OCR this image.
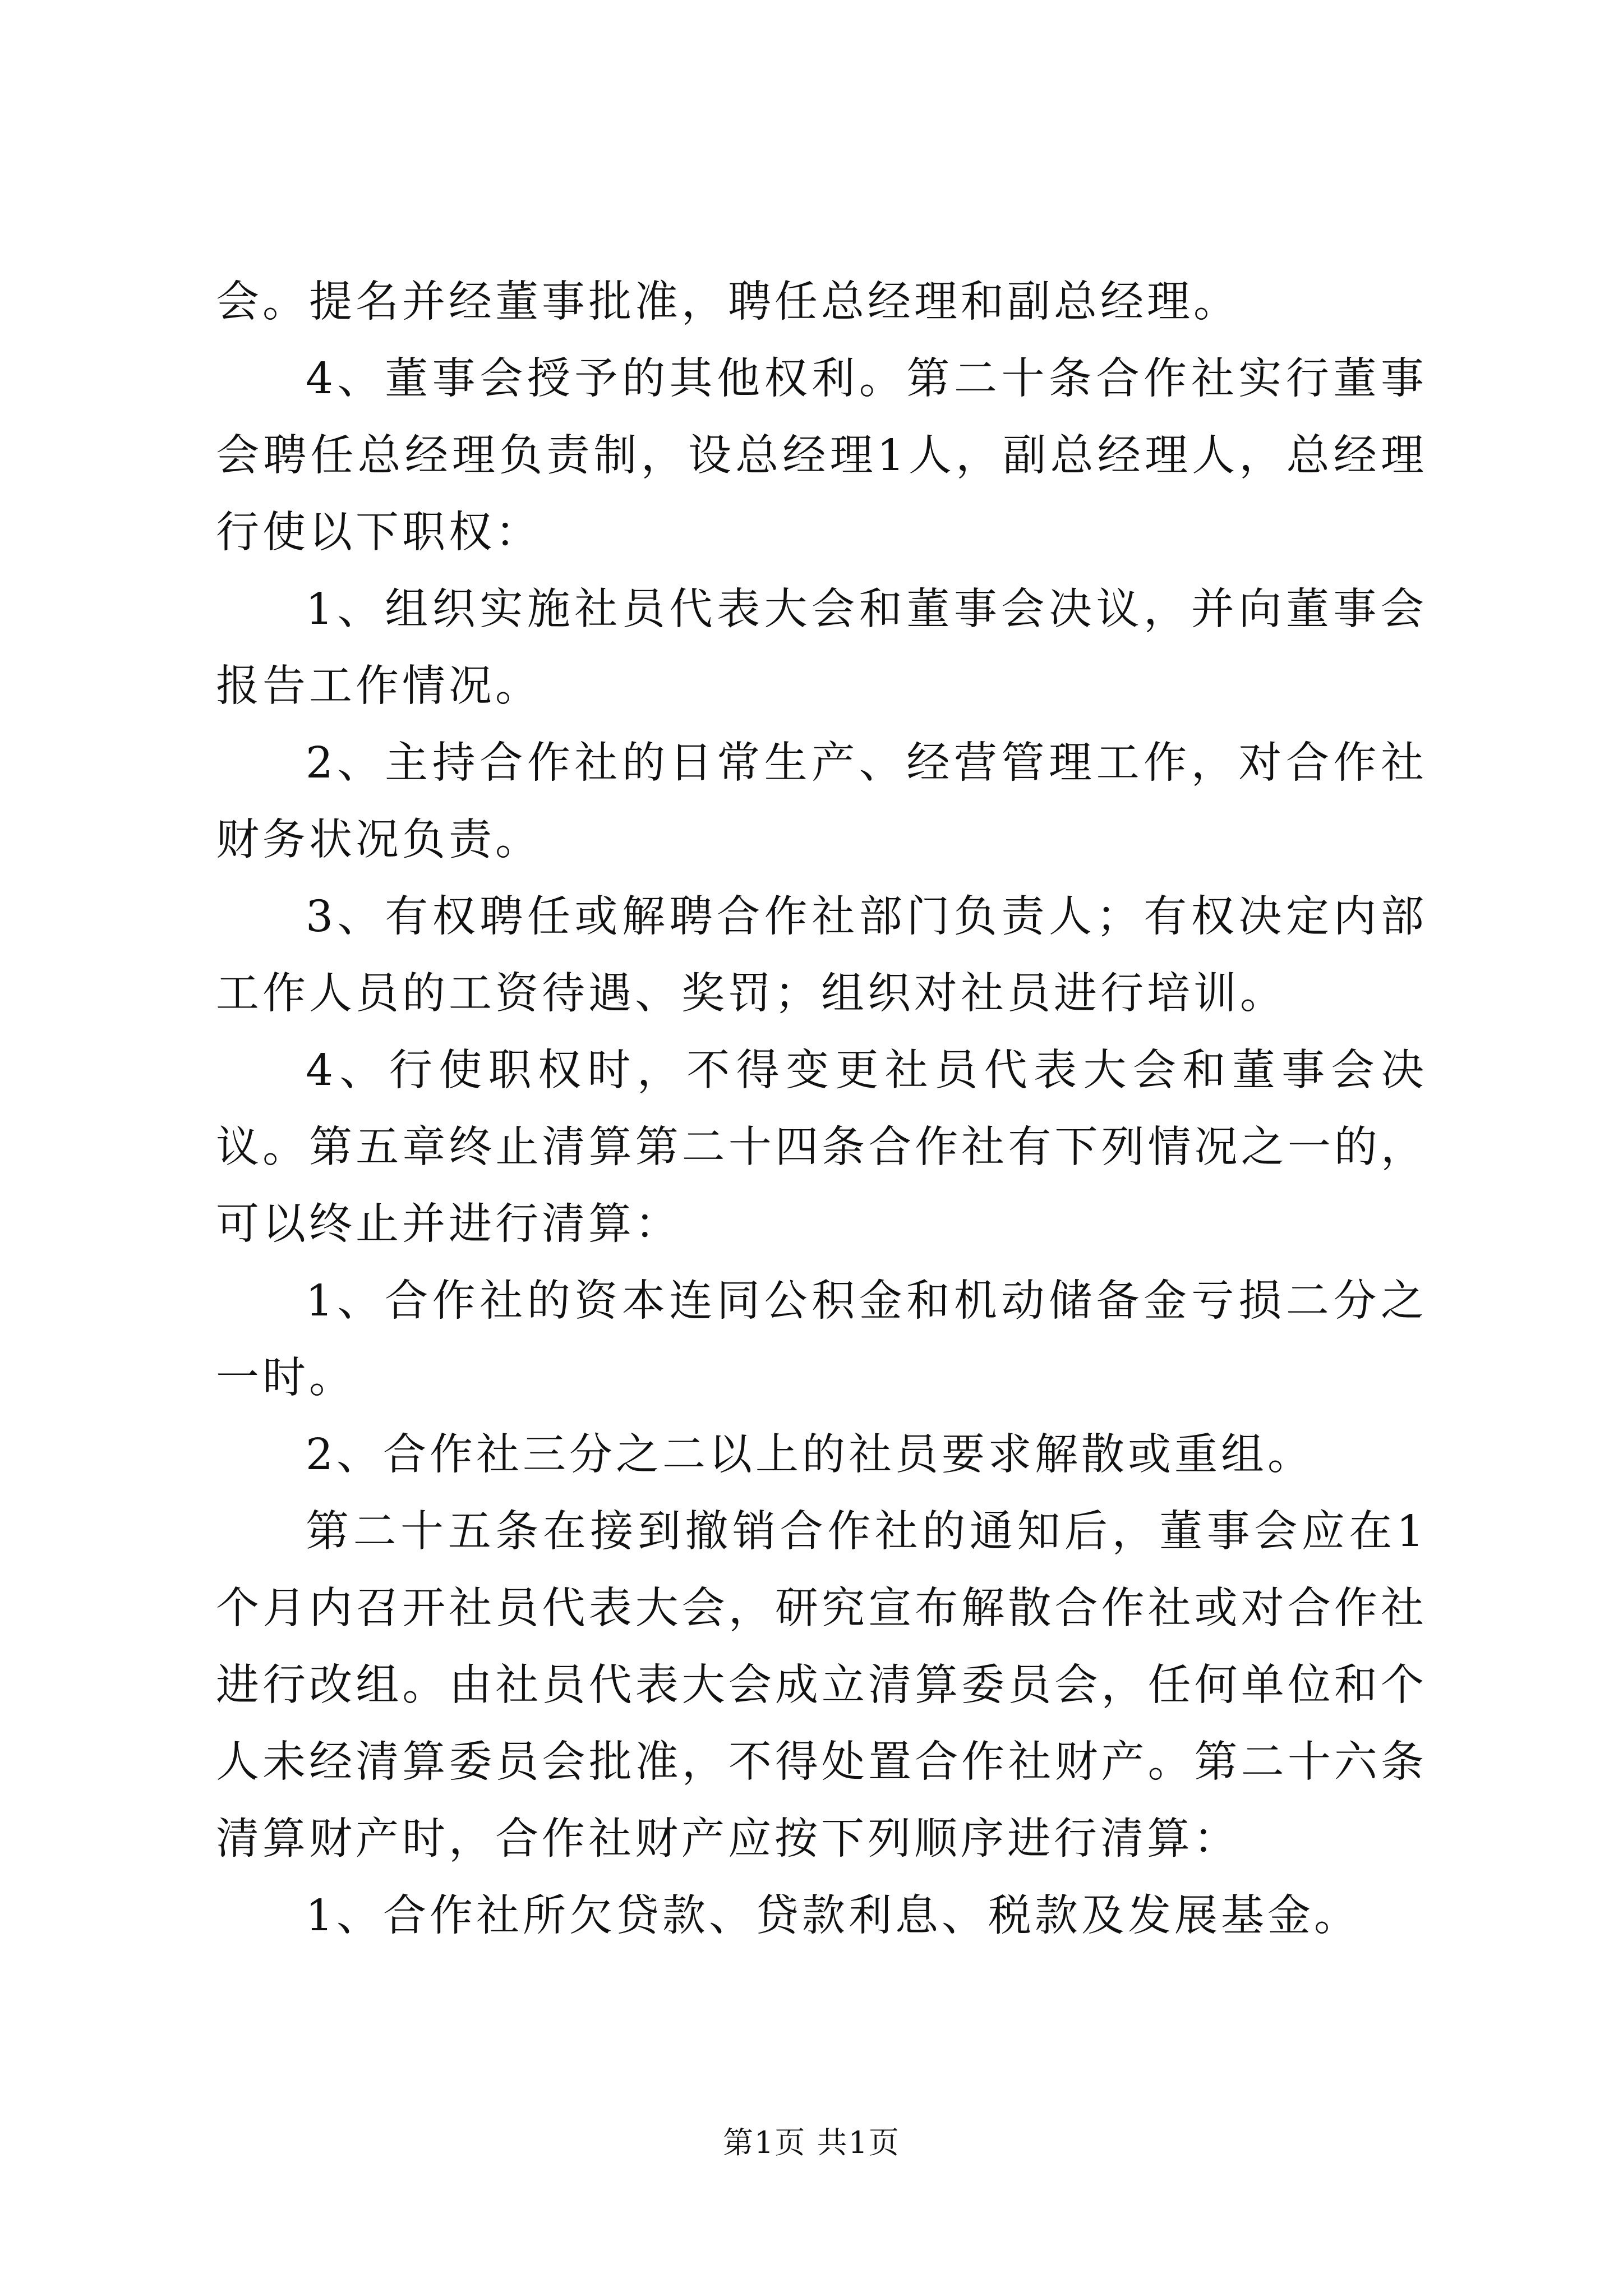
会。提名并经董事批准，聘任总经理和副总经理。

4、董事会授予的其他权利。第二十条合作社实行董事会聘任总经理负责制，设总经理1人，副总经理人，总经理行使以下职权：

1、组织实施社员代表大会和董事会决议，并向董事会报告工作情况。

2、主持合作社的日常生产、经营管理工作，对合作社财务状况负责。

3、有权聘任或解聘合作社部门负责人；有权决定内部工作人员的工资待遇、奖罚；组织对社员进行培训。

4、行使职权时，不得变更社员代表大会和董事会决议。第五章终止清算第二十四条合作社有下列情况之一的，可以终止并进行清算：

1、合作社的资本连同公积金和机动储备金亏损二分之一时。

2、合作社三分之二以上的社员要求解散或重组。

第二十五条在接到撤销合作社的通知后，董事会应在1个月内召开社员代表大会，研究宣布解散合作社或对合作社进行改组。由社员代表大会成立清算委员会，任何单位和个人未经清算委员会批准，不得处置合作社财产。第二十六条清算财产时，合作社财产应按下列顺序进行清算：

1、合作社所欠贷款、贷款利息、税款及发展基金。

第1页 共1页
